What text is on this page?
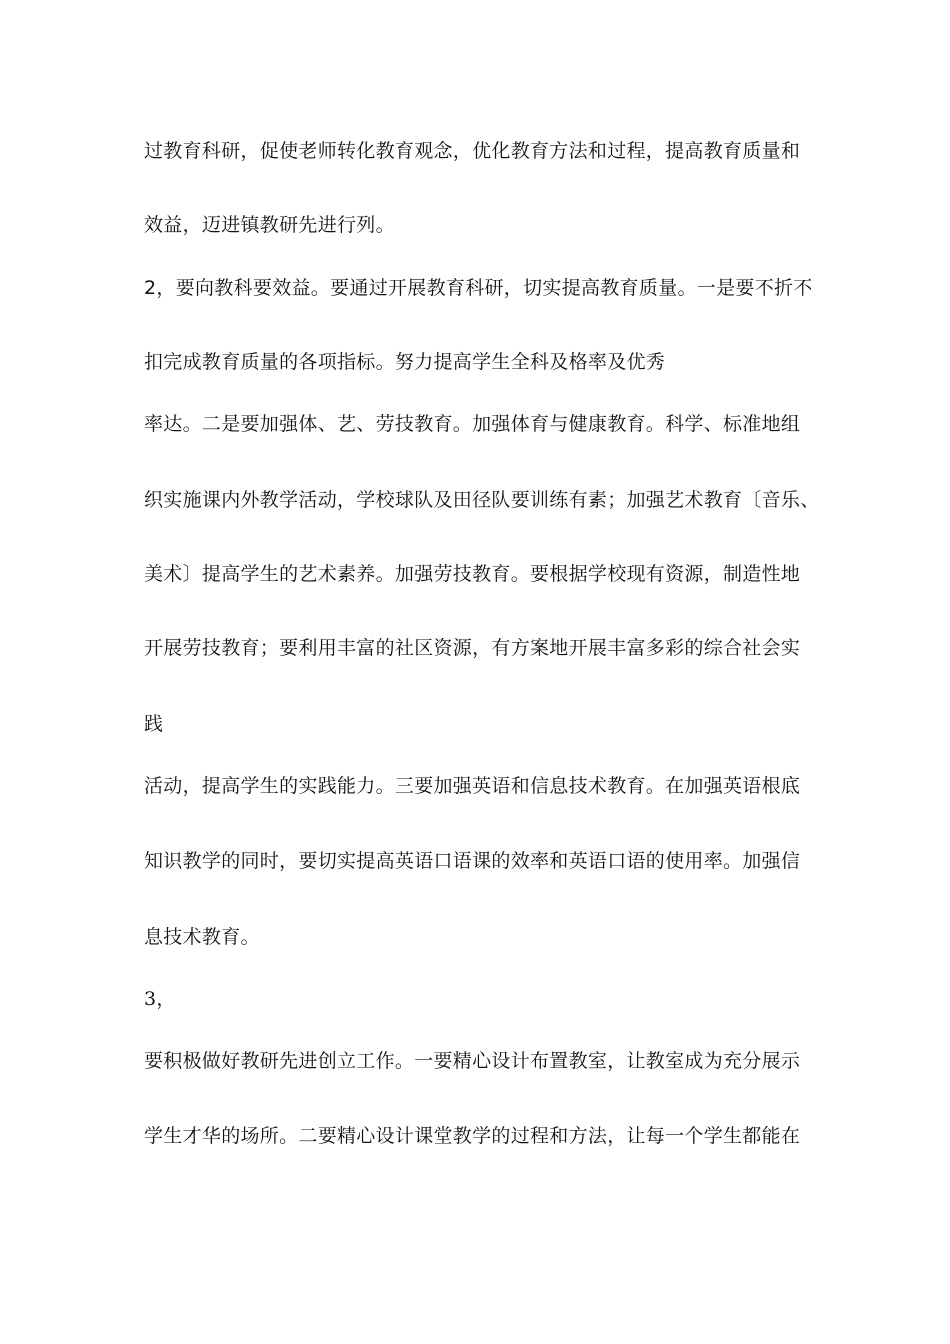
过教育科研，促使老师转化教育观念，优化教育方法和过程，提高教育质量和
效益，迈进镇教研先进行列。
2，要向教科要效益。要通过开展教育科研，切实提高教育质量。一是要不折不
扣完成教育质量的各项指标。努力提高学生全科及格率及优秀
率达。二是要加强体、艺、劳技教育。加强体育与健康教育。科学、标准地组
织实施课内外教学活动，学校球队及田径队要训练有素；加强艺术教育〔音乐、
美术〕提高学生的艺术素养。加强劳技教育。要根据学校现有资源，制造性地
开展劳技教育；要利用丰富的社区资源，有方案地开展丰富多彩的综合社会实
践
活动，提高学生的实践能力。三要加强英语和信息技术教育。在加强英语根底
知识教学的同时，要切实提高英语口语课的效率和英语口语的使用率。加强信
息技术教育。
3，
要积极做好教研先进创立工作。一要精心设计布置教室，让教室成为充分展示
学生才华的场所。二要精心设计课堂教学的过程和方法，让每一个学生都能在
